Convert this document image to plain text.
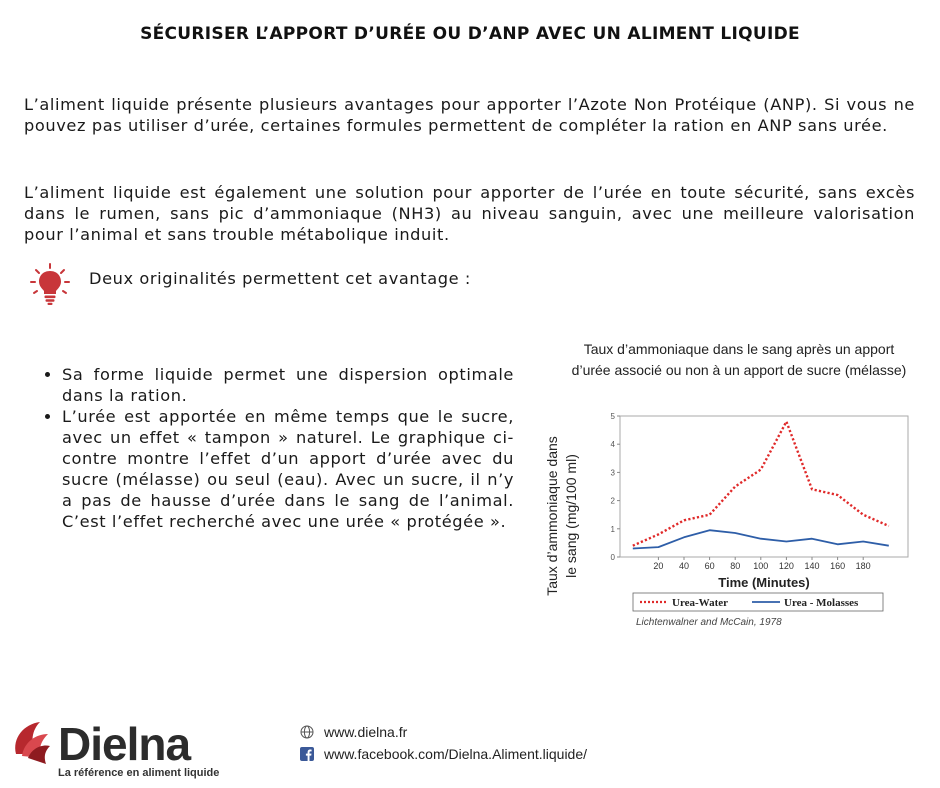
SÉCURISER L’APPORT D’URÉE OU D’ANP AVEC UN ALIMENT LIQUIDE
L’aliment liquide présente plusieurs avantages pour apporter l’Azote Non Protéique (ANP). Si vous ne pouvez pas utiliser d’urée, certaines formules permettent de compléter la ration en ANP sans urée.
L’aliment liquide est également une solution pour apporter de l’urée en toute sécurité, sans excès dans le rumen, sans pic d’ammoniaque (NH3) au niveau sanguin, avec une meilleure valorisation pour l’animal et sans trouble métabolique induit.
Deux originalités permettent cet avantage :
• Sa forme liquide permet une dispersion optimale dans la ration.
• L’urée est apportée en même temps que le sucre, avec un effet « tampon » naturel. Le graphique ci-contre montre l’effet d’un apport d’urée avec du sucre (mélasse) ou seul (eau). Avec un sucre, il n’y a pas de hausse d’urée dans le sang de l’animal. C’est l’effet recherché avec une urée « protégée ».
Taux d’ammoniaque dans le sang après un apport
d’urée associé ou non à un apport de sucre (mélasse)
Taux d’ammoniaque dans le sang (mg/100 ml)	0
1
2
3
4
5
20 40 60 80 100 120 140 160 180
Time (Minutes)
Urea-Water	Urea - Molasses
Lichtenwalner and McCain, 1978
Dielna
La référence en aliment liquide
www.dielna.fr
www.facebook.com/Dielna.Aliment.liquide/
